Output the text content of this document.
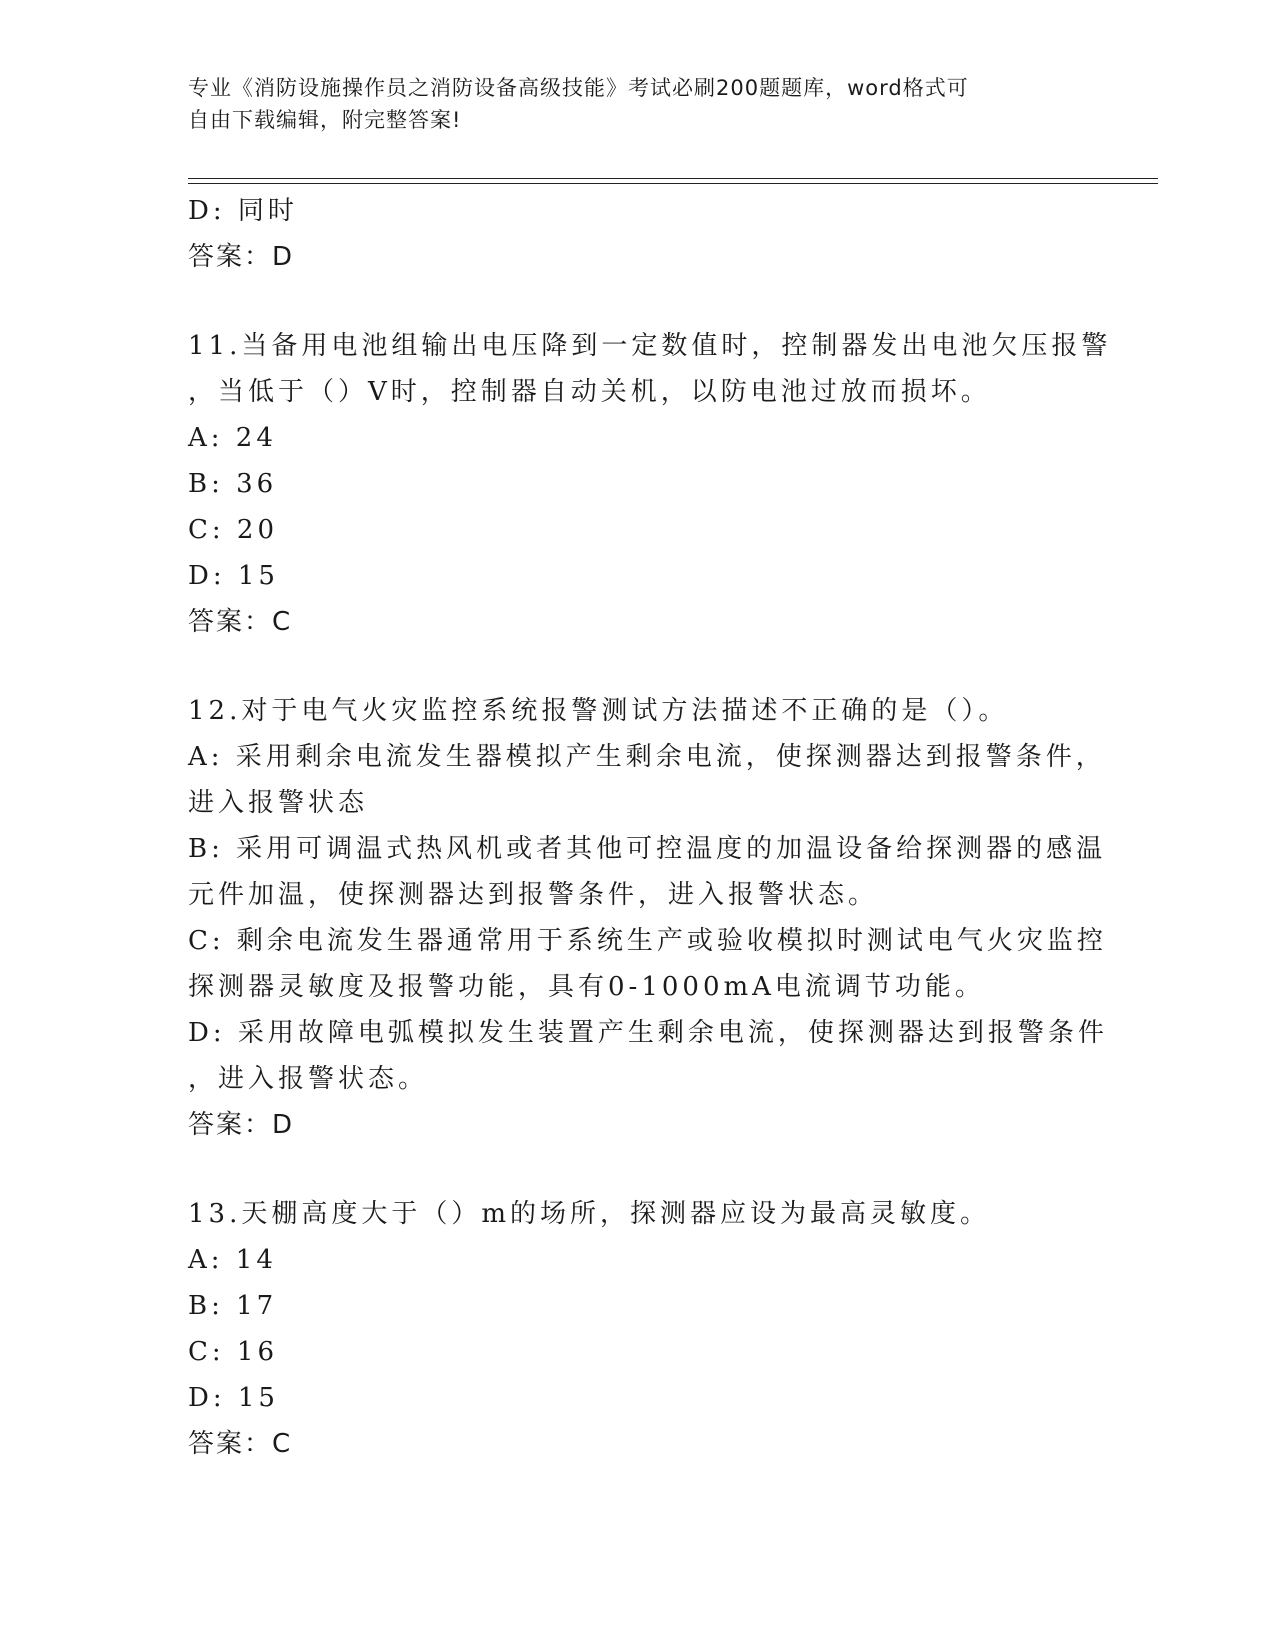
专业《消防设施操作员之消防设备高级技能》考试必刷200题题库，word格式可
自由下载编辑，附完整答案!
D: 同时
答案：D
11.当备用电池组输出电压降到一定数值时，控制器发出电池欠压报警
，当低于（）V时，控制器自动关机，以防电池过放而损坏。
A: 24
B: 36
C: 20
D: 15
答案：C
12.对于电气火灾监控系统报警测试方法描述不正确的是（）。
A: 采用剩余电流发生器模拟产生剩余电流，使探测器达到报警条件，
进入报警状态
B: 采用可调温式热风机或者其他可控温度的加温设备给探测器的感温
元件加温，使探测器达到报警条件，进入报警状态。
C: 剩余电流发生器通常用于系统生产或验收模拟时测试电气火灾监控
探测器灵敏度及报警功能，具有0-1000mA电流调节功能。
D: 采用故障电弧模拟发生装置产生剩余电流，使探测器达到报警条件
，进入报警状态。
答案：D
13.天棚高度大于（）m的场所，探测器应设为最高灵敏度。
A: 14
B: 17
C: 16
D: 15
答案：C
